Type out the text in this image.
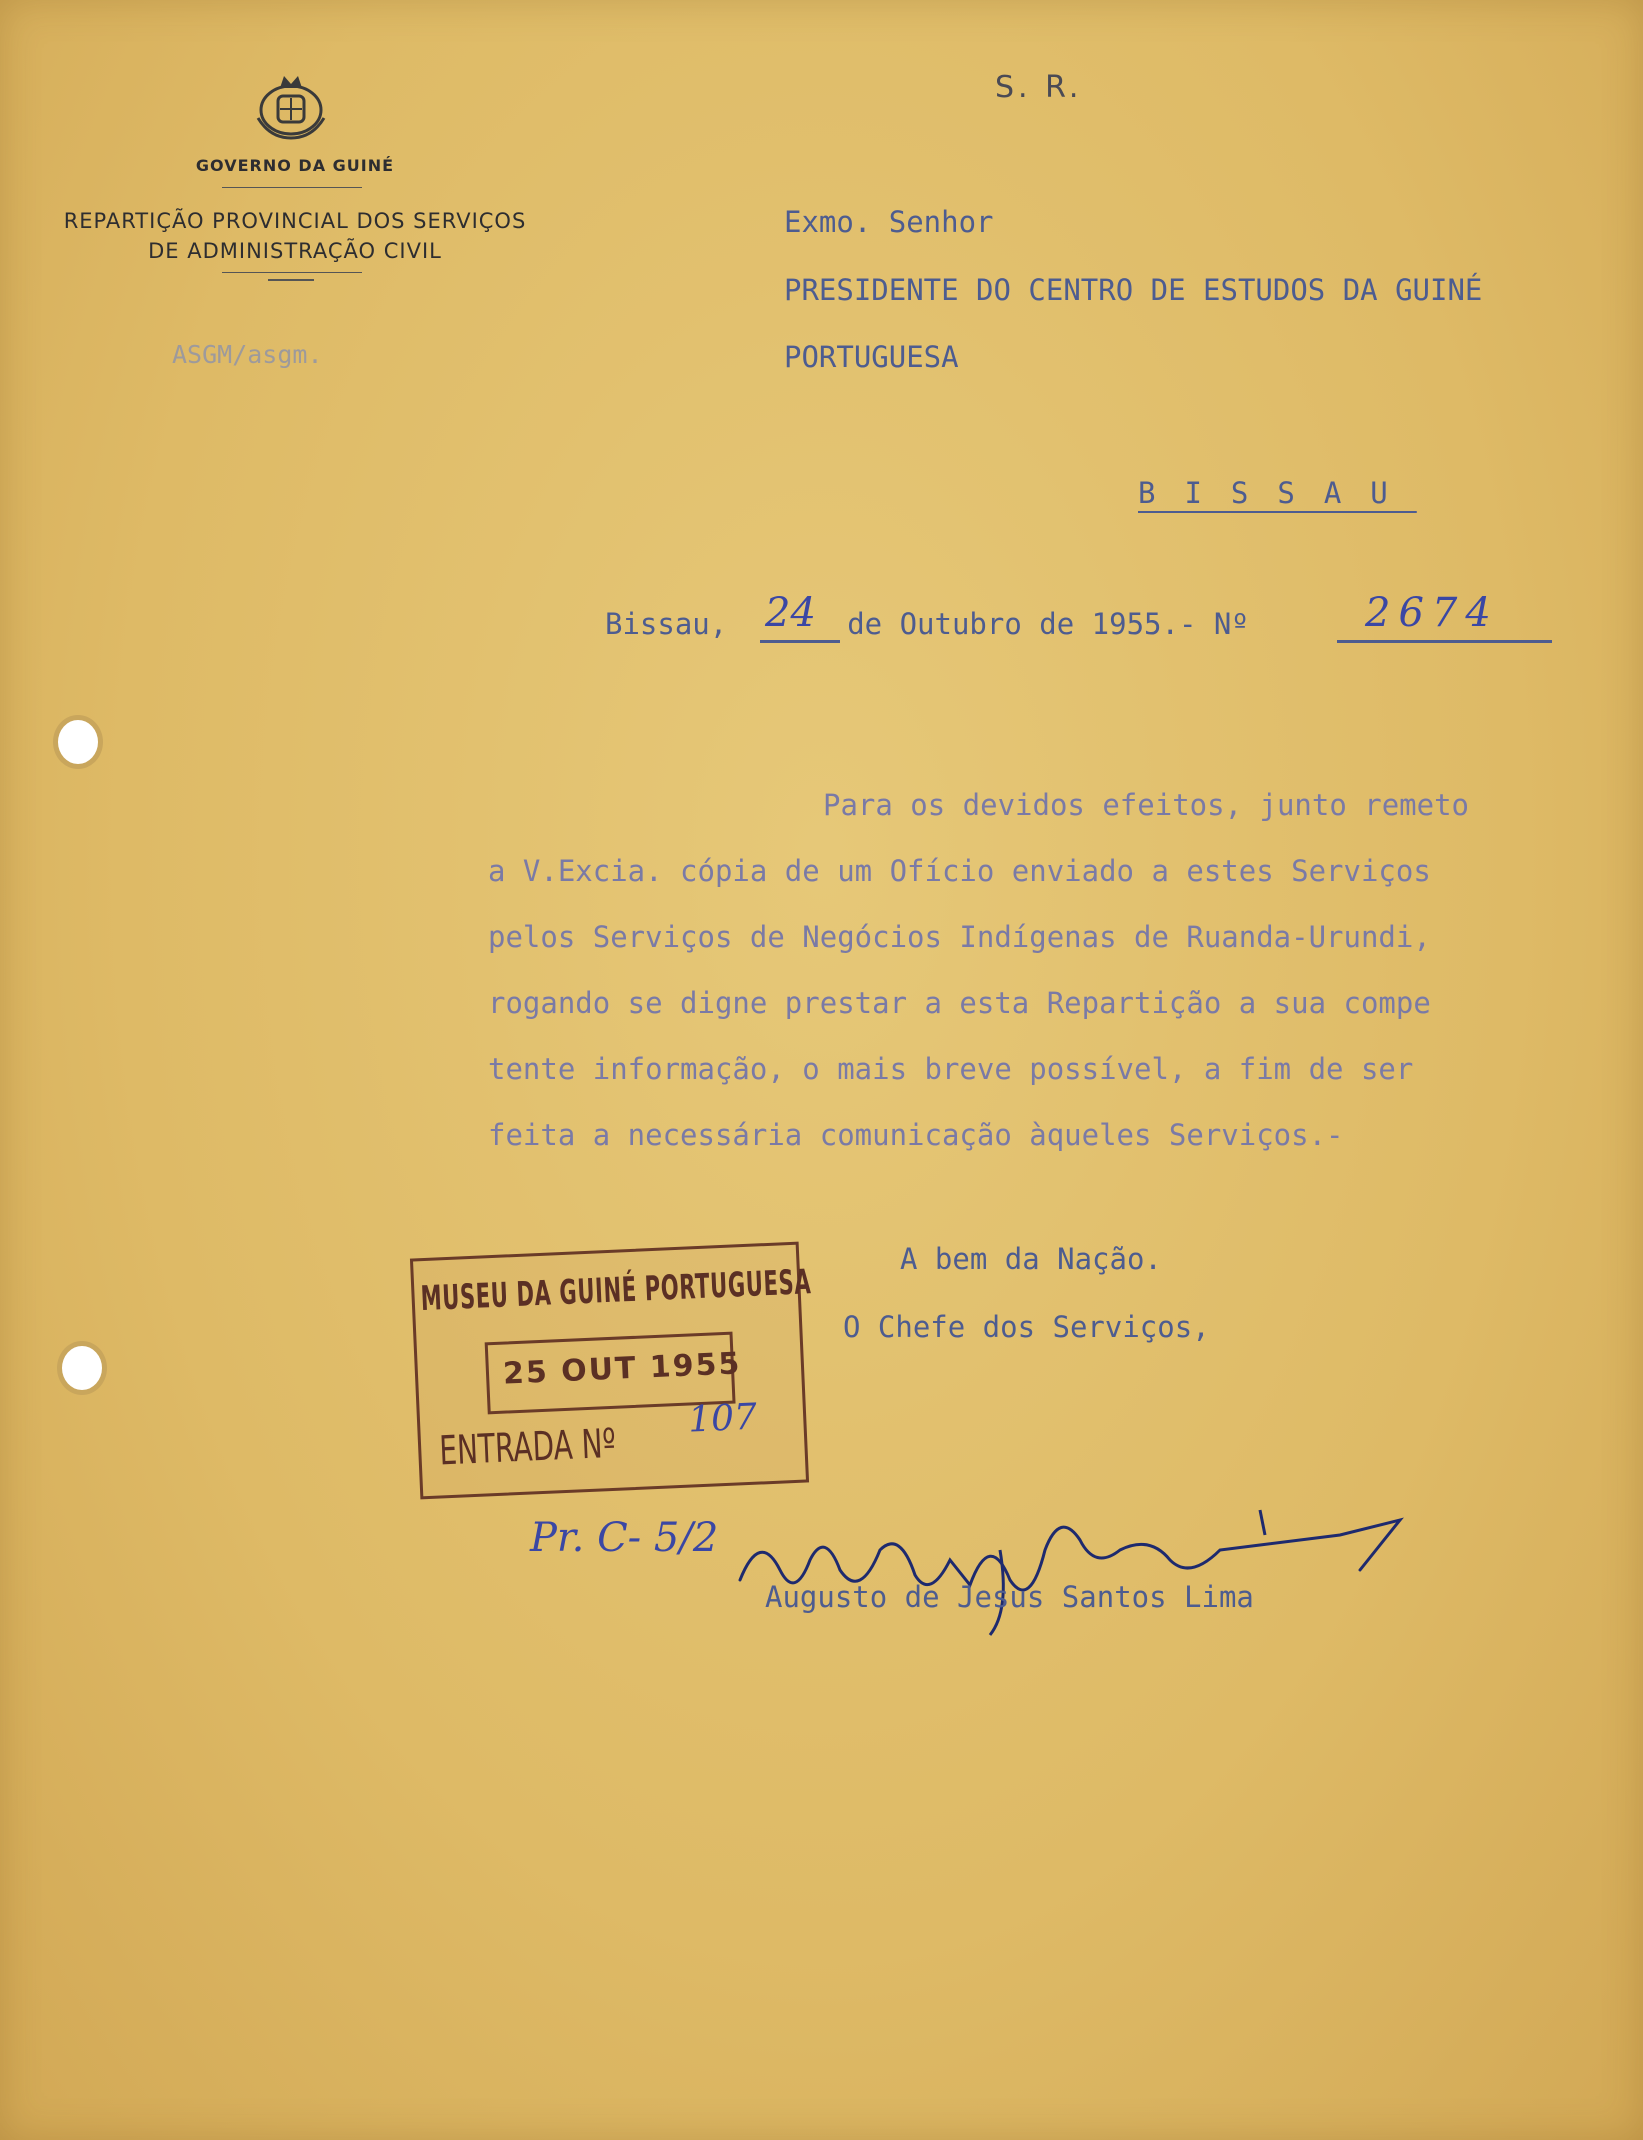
S. R.
GOVERNO DA GUINÉ
REPARTIÇÃO PROVINCIAL DOS SERVIÇOS
DE ADMINISTRAÇÃO CIVIL
ASGM/asgm.
Exmo. Senhor
PRESIDENTE DO CENTRO DE ESTUDOS DA GUINÉ
PORTUGUESA
BISSAU
Bissau,	de Outubro de 1955.- Nº
24	2674
Para os devidos efeitos, junto remeto
a V.Excia. cópia de um Ofício enviado a estes Serviços
pelos Serviços de Negócios Indígenas de Ruanda-Urundi,
rogando se digne prestar a esta Repartição a sua compe
tente informação, o mais breve possível, a fim de ser
feita a necessária comunicação àqueles Serviços.-
A bem da Nação.
O Chefe dos Serviços,
MUSEU DA GUINÉ PORTUGUESA
25 OUT 1955
ENTRADA Nº
107
Pr. C- 5/2
Augusto de Jesus Santos Lima
